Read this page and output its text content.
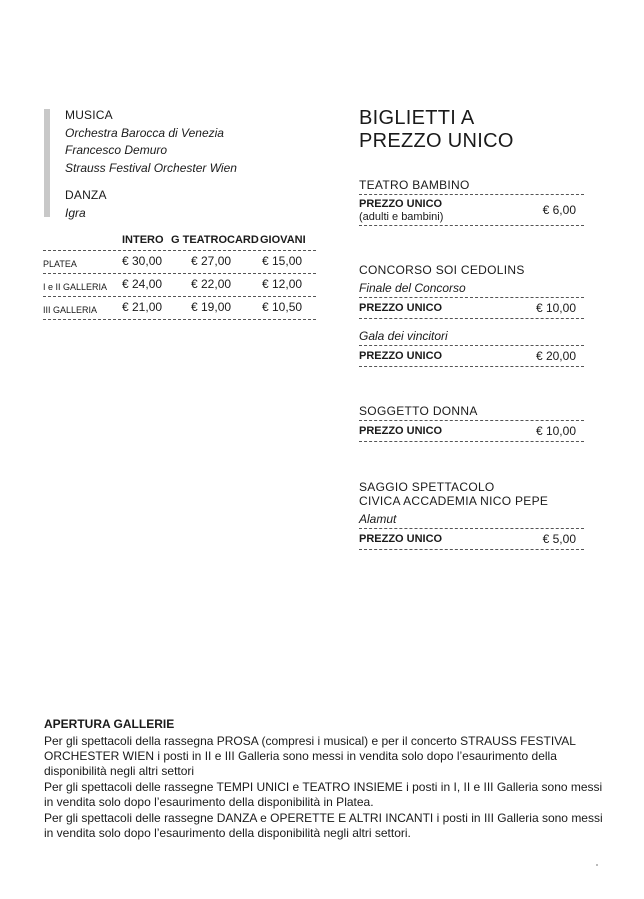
MUSICA
Orchestra Barocca di Venezia
Francesco Demuro
Strauss Festival Orchester Wien
DANZA
Igra
INTERO G TEATROCARD GIOVANI
PLATEA	€ 30,00 € 27,00	€ 15,00
I e II GALLERIA € 24,00 € 22,00	€ 12,00
III GALLERIA € 21,00 € 19,00	€ 10,50
BIGLIETTI A
PREZZO UNICO
TEATRO BAMBINO
PREZZO UNICO
(adulti e bambini)	€ 6,00
CONCORSO SOI CEDOLINS
Finale del Concorso
PREZZO UNICO	€ 10,00
Gala dei vincitori
PREZZO UNICO	€ 20,00
SOGGETTO DONNA
PREZZO UNICO	€ 10,00
SAGGIO SPETTACOLO
CIVICA ACCADEMIA NICO PEPE
Alamut
PREZZO UNICO	€ 5,00
APERTURA GALLERIE

Per gli spettacoli della rassegna PROSA (compresi i musical) e per il concerto STRAUSS FESTIVAL ORCHESTER WIEN i posti in II e III Galleria sono messi in vendita solo dopo l’esaurimento della disponibilità negli altri settori

Per gli spettacoli delle rassegne TEMPI UNICI e TEATRO INSIEME i posti in I, II e III Galleria sono messi in vendita solo dopo l’esaurimento della disponibilità in Platea.

Per gli spettacoli delle rassegne DANZA e OPERETTE E ALTRI INCANTI i posti in III Galleria sono messi in vendita solo dopo l’esaurimento della disponibilità negli altri settori.
